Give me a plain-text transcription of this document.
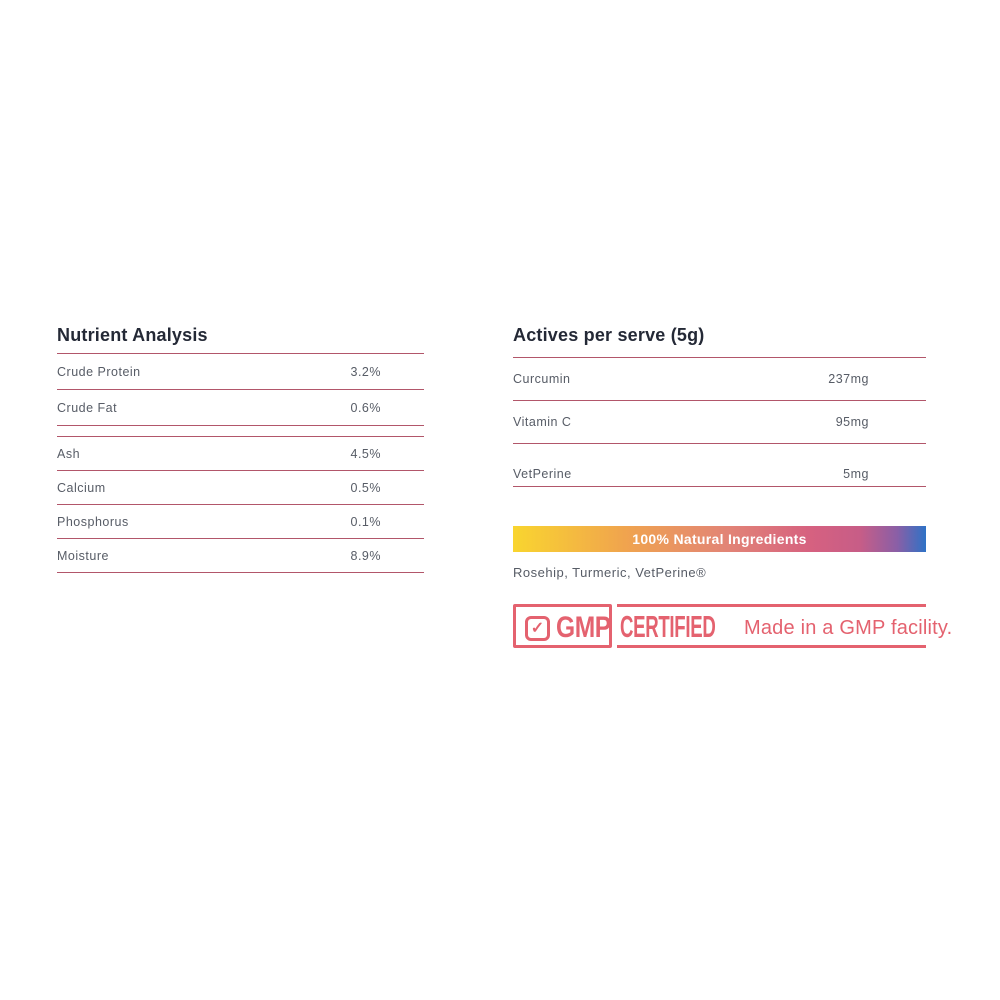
Nutrient Analysis
Crude Protein	3.2%
Crude Fat	0.6%
Ash	4.5%
Calcium	0.5%
Phosphorus	0.1%
Moisture	8.9%
Actives per serve (5g)
Curcumin	237mg
Vitamin C	95mg
VetPerine	5mg
100% Natural Ingredients
Rosehip, Turmeric, VetPerine®
✓ GMP CERTIFIED Made in a GMP facility.
